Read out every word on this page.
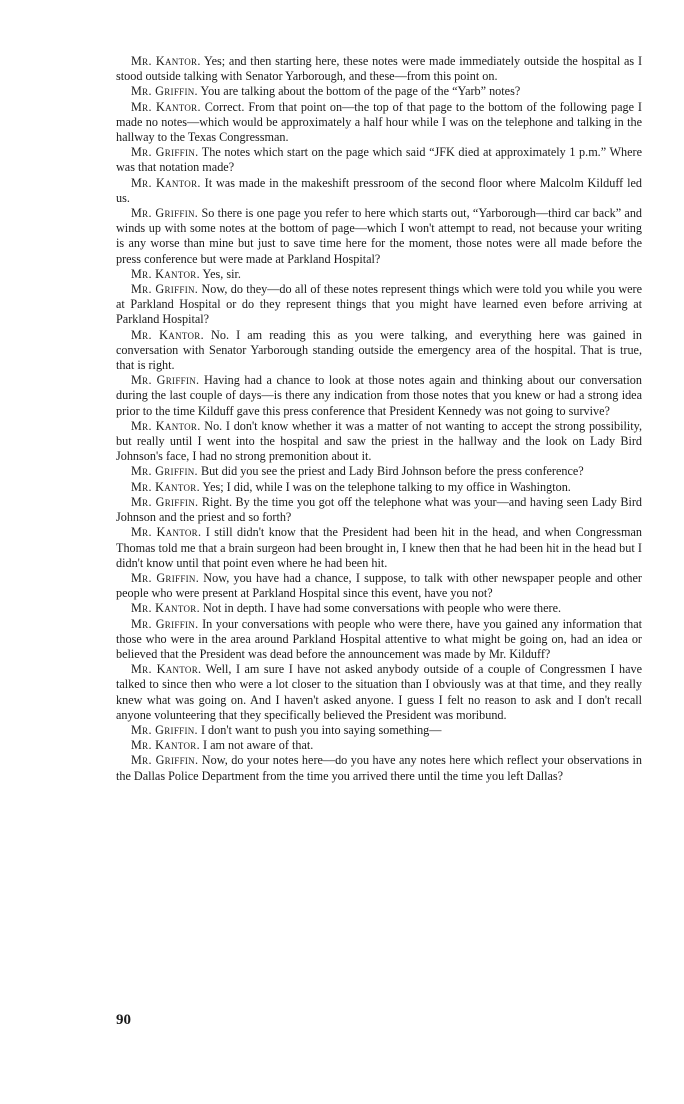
Mr. Kantor. Yes; and then starting here, these notes were made immediately outside the hospital as I stood outside talking with Senator Yarborough, and these—from this point on.

Mr. Griffin. You are talking about the bottom of the page of the “Yarb” notes?

Mr. Kantor. Correct. From that point on—the top of that page to the bottom of the following page I made no notes—which would be approximately a half hour while I was on the telephone and talking in the hallway to the Texas Congressman.

Mr. Griffin. The notes which start on the page which said “JFK died at approximately 1 p.m.” Where was that notation made?

Mr. Kantor. It was made in the makeshift pressroom of the second floor where Malcolm Kilduff led us.

Mr. Griffin. So there is one page you refer to here which starts out, “Yarborough—third car back” and winds up with some notes at the bottom of page—which I won't attempt to read, not because your writing is any worse than mine but just to save time here for the moment, those notes were all made before the press conference but were made at Parkland Hospital?

Mr. Kantor. Yes, sir.

Mr. Griffin. Now, do they—do all of these notes represent things which were told you while you were at Parkland Hospital or do they represent things that you might have learned even before arriving at Parkland Hospital?

Mr. Kantor. No. I am reading this as you were talking, and everything here was gained in conversation with Senator Yarborough standing outside the emergency area of the hospital. That is true, that is right.

Mr. Griffin. Having had a chance to look at those notes again and thinking about our conversation during the last couple of days—is there any indication from those notes that you knew or had a strong idea prior to the time Kilduff gave this press conference that President Kennedy was not going to survive?

Mr. Kantor. No. I don't know whether it was a matter of not wanting to accept the strong possibility, but really until I went into the hospital and saw the priest in the hallway and the look on Lady Bird Johnson's face, I had no strong premonition about it.

Mr. Griffin. But did you see the priest and Lady Bird Johnson before the press conference?

Mr. Kantor. Yes; I did, while I was on the telephone talking to my office in Washington.

Mr. Griffin. Right. By the time you got off the telephone what was your—and having seen Lady Bird Johnson and the priest and so forth?

Mr. Kantor. I still didn't know that the President had been hit in the head, and when Congressman Thomas told me that a brain surgeon had been brought in, I knew then that he had been hit in the head but I didn't know until that point even where he had been hit.

Mr. Griffin. Now, you have had a chance, I suppose, to talk with other newspaper people and other people who were present at Parkland Hospital since this event, have you not?

Mr. Kantor. Not in depth. I have had some conversations with people who were there.

Mr. Griffin. In your conversations with people who were there, have you gained any information that those who were in the area around Parkland Hospital attentive to what might be going on, had an idea or believed that the President was dead before the announcement was made by Mr. Kilduff?

Mr. Kantor. Well, I am sure I have not asked anybody outside of a couple of Congressmen I have talked to since then who were a lot closer to the situation than I obviously was at that time, and they really knew what was going on. And I haven't asked anyone. I guess I felt no reason to ask and I don't recall anyone volunteering that they specifically believed the President was moribund.

Mr. Griffin. I don't want to push you into saying something—

Mr. Kantor. I am not aware of that.

Mr. Griffin. Now, do your notes here—do you have any notes here which reflect your observations in the Dallas Police Department from the time you arrived there until the time you left Dallas?

90
